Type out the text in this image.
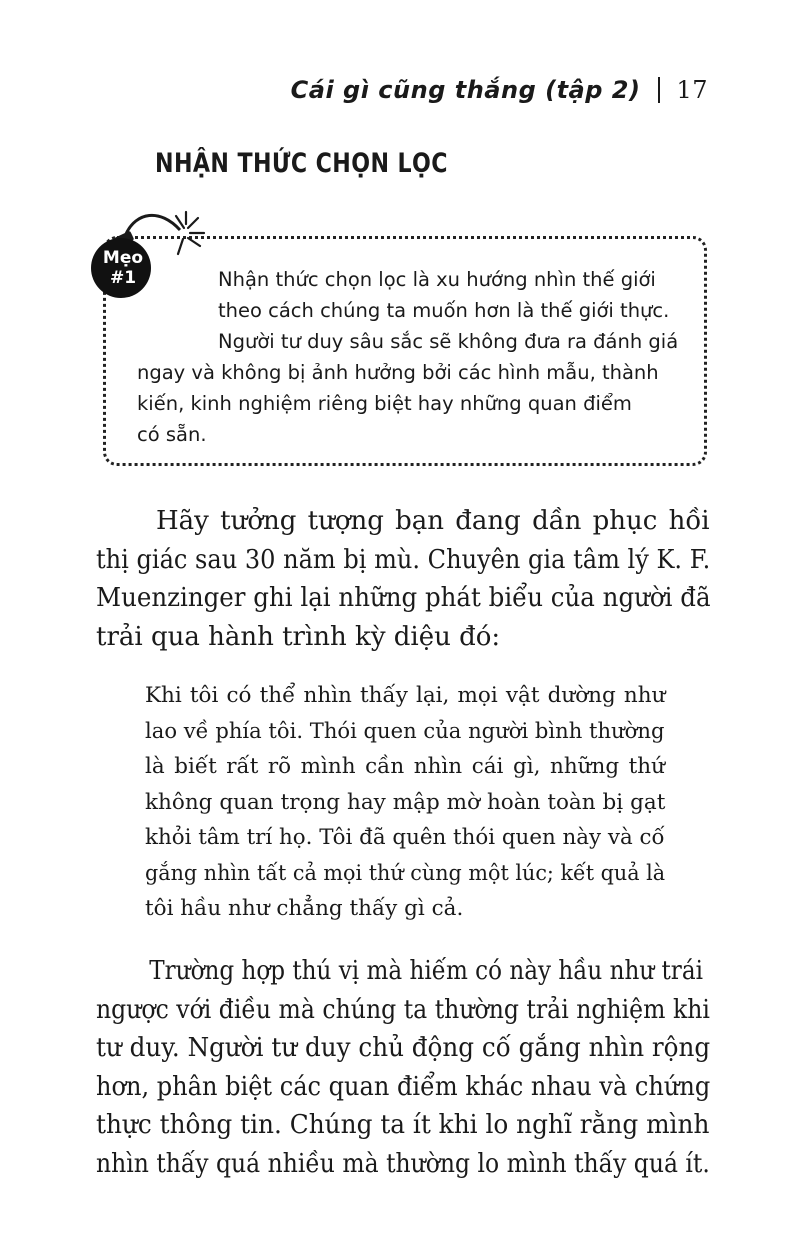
Cái gì cũng thắng (tập 2) 17
NHẬN THỨC CHỌN LỌC
Mẹo
#1	Nhận thức chọn lọc là xu hướng nhìn thế giới
theo cách chúng ta muốn hơn là thế giới thực.
Người tư duy sâu sắc sẽ không đưa ra đánh giá
ngay và không bị ảnh hưởng bởi các hình mẫu, thành
kiến, kinh nghiệm riêng biệt hay những quan điểm
có sẵn.
Hãy tưởng tượng bạn đang dần phục hồi
thị giác sau 30 năm bị mù. Chuyên gia tâm lý K. F.
Muenzinger ghi lại những phát biểu của người đã
trải qua hành trình kỳ diệu đó:
Khi tôi có thể nhìn thấy lại, mọi vật dường như
lao về phía tôi. Thói quen của người bình thường
là biết rất rõ mình cần nhìn cái gì, những thứ
không quan trọng hay mập mờ hoàn toàn bị gạt
khỏi tâm trí họ. Tôi đã quên thói quen này và cố
gắng nhìn tất cả mọi thứ cùng một lúc; kết quả là
tôi hầu như chẳng thấy gì cả.
Trường hợp thú vị mà hiếm có này hầu như trái
ngược với điều mà chúng ta thường trải nghiệm khi
tư duy. Người tư duy chủ động cố gắng nhìn rộng
hơn, phân biệt các quan điểm khác nhau và chứng
thực thông tin. Chúng ta ít khi lo nghĩ rằng mình
nhìn thấy quá nhiều mà thường lo mình thấy quá ít.
